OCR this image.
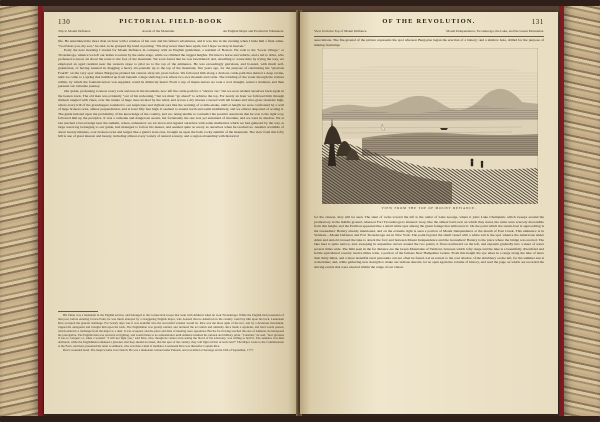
130	PICTORIAL FIELD-BOOK
Trip to Mount Defiance.	Ascent of the Mountain.	An English Major and Provincial Volunteers.

life. He entertained me more than an hour with a relation of his own and his father's adventures, and it was late in the evening when I bade him a final adieu. "God bless you, my son," he said, as he grasped my hand at parting. "We may never meet here again, but I hope we may in heaven."

Early the next morning I started for Mount Defiance in company with an English gentleman, a resident of Boston. We rode to the "lower village," or Ticonderoga, whence we left our ladies to return by the same stage, while we climbed the rugged heights. We hired a horse and vehicle, and a lad to drive, who professed to know all about the route to the foot of the mountain. We soon found that he was bewildered; and, unwilling to waste time by trying the way, we employed an aged resident near the western slope to pilot us to the top of the eminence. He was exceedingly garrulous, and boasted, with much self-gratulation, of having assisted in dragging a heavy six-pounder up to the top of the mountain, five years ago, for the purpose of celebrating the "glorious Fourth" on the very spot where Burgoyne planted his cannon sixty-six years before. We followed him along a devious cattle-path that skirted a deep ravine, until we came to a spring that bubbled up from beneath a huge shelving rock where two ewe mounds and cattle. The trickling of the water through the ravines within, by which the fountain below was supplied, could be distinctly heard. From a cup of maple-leaves we took a cool draught, rested a moment, and then pursued our toilsome journey.

Our guide, professing to know every rock and tree in the mountain, now left the cattle-path for a "shorter cut," but we soon wished ourselves back again in the beaten track. The old man was evidently "out of his reckoning," but we must "go ahead" to achieve the top. For nearly an hour we followed him through thickets tangled with vines, over the trunks of huge trees leveled by the wind, and across a dry morass covered with tall brakes and wire-grass shoulder high, where every trill of the grasshopper sounded to our suspicious and vigilant ears like the warning of a rattle-snake, until at length we were confronted by a wall of huge broken rocks, almost perpendicular, and at least fifty feet high. It seemed to extend north and south indefinitely, and we almost despaired of scaling it. The guide insisted upon the probability of his knowledge of the country, and we, being unable to contradict his positive assertions that he was to the right way, followed him up the precipice. It was a toilsome and dangerous ascent, but fortunately the one was yet sustained of mordian, and we were in shadow. We at last reached a broad ledge near the summit, where, exhausted, we sat down and regaled ourselves with some mulberries which we had gathered by the way. A large weed-log belonging to our guide, had managed to follow his master, and seemed quite as weary as ourselves when he reached us. Another scramble of about twenty minutes, over broken rocks and ledges like a giant's stair-case, brought us upon the bald, rocky summit of the mountain. The view from this lofty hill is one of great interest and beauty, including almost every variety of natural scenery, and a region abounding with historical

His father was a lieutenant in the English service, and belonged to the Connecticut troops that went with Amherst when he took Ticonderoga. While the English had possession of that post, before entering Crown Point, he was much annoyed by a swaggering English major, who boasted that no American in the country could lay him upon his back. Lieutenant Rice accepted the general challenge. For twenty days was it was doubtful who the successful wrestler would be. Rice was the more agile of the two, and by a dexterous movement, tripped his antagonist and brought him upon his back. The Englishman was greatly nettled, and declared the act unfair and unmanly. Rice made a rejoinder, and hard words passed, which ended in a challenge from the major to a duel. It was accepted, and the place and time of meeting were appointed. But the fact having reached the ears of Amherst, he interposed his prerogative. The English man was received as fighting, and would listen to no remonstrance until Amherst insulted his rational and military pride. "Consider," he said, "how glorious it was to conquer; or, when a woman" "I will not fight you," said Rice, who, though he cannot even seeing the blood of his adversary, was willing to hold it. The sentence was then delivered, while the Englishman remained a prisoner, that they should not meet, that the spot of the country, they will fight all that of such ruin?" The Major wrote to the Commissioner at the Forts, and there presented his letter to Amherst, who was then a kind of mediator. Lieutenant Rice was thereafter Captain Rice.

Rice's wounded bond. The major's name was Church. He was a lieutenant colonel under Putnam, and was killed at Saratoga on the 19th of September, 1777.

OF THE REVOLUTION.	131
View from the Top of Mount Defiance.	Mount Independence, Ticonderoga, the Lake, and the Green Mountains.

associations. The fire-ground of the picture represents the spot whereon Burgoyne began the erection of a battery; and a shallow hole, drilled for the purpose of making fastenings

VIEW FROM THE TOP OF MOUNT DEFIANCE.

for the cannon, may still be seen. The slant of rocks toward the left is the outlet of Lake George, where it joins Lake Champlain, which sweeps around the promontory in the middle ground, whereon Fort Ticonderoga is situated. Gray, like the almost bald rock on which they stand, the ruins were scarcely discernible from that height, and the Pavilion appeared like a small white spot among the green foliage that embowers it. On the point which the steam-boat is approaching is the Grenadiers' Battery already mentioned, and on the extreme right is seen a portion of Mount Independence at the mouth of East Creek. This eminence is in Vermont—Mount Defiance and Fort Ticonderoga are in New York. The point beyond the small vessel with a white sail is the spot whence the Americans under Allen and Arnold crossed the lake to attack the fort; and between Mount Independence and the Grenadiers' Battery is the place where the bridge was erected. The lake here is quite narrow, and, sweeping in serpentine curves around the two points, it flows northward on the left, and expands gradually into a sheet of water several miles wide. The hills seen in the far distance are the Green Mountains of Vermont, between which lofty range and the lake is a beautifully diversified and fertile agricultural country twelve miles wide, a portion of the famous New Hampshire Grants. From this height the eye takes in a range along the lake of more than thirty miles, and a more beautiful rural panorama can not often be found. Let us retreat to the cool shadow of the shrubbery on the left, for the summer sun is at meridian; and, while gathering new strength to make our tedious descent, let us open again the volume of history, and read the page on which are recorded the stirring events that were enacted within the range of our vision.
